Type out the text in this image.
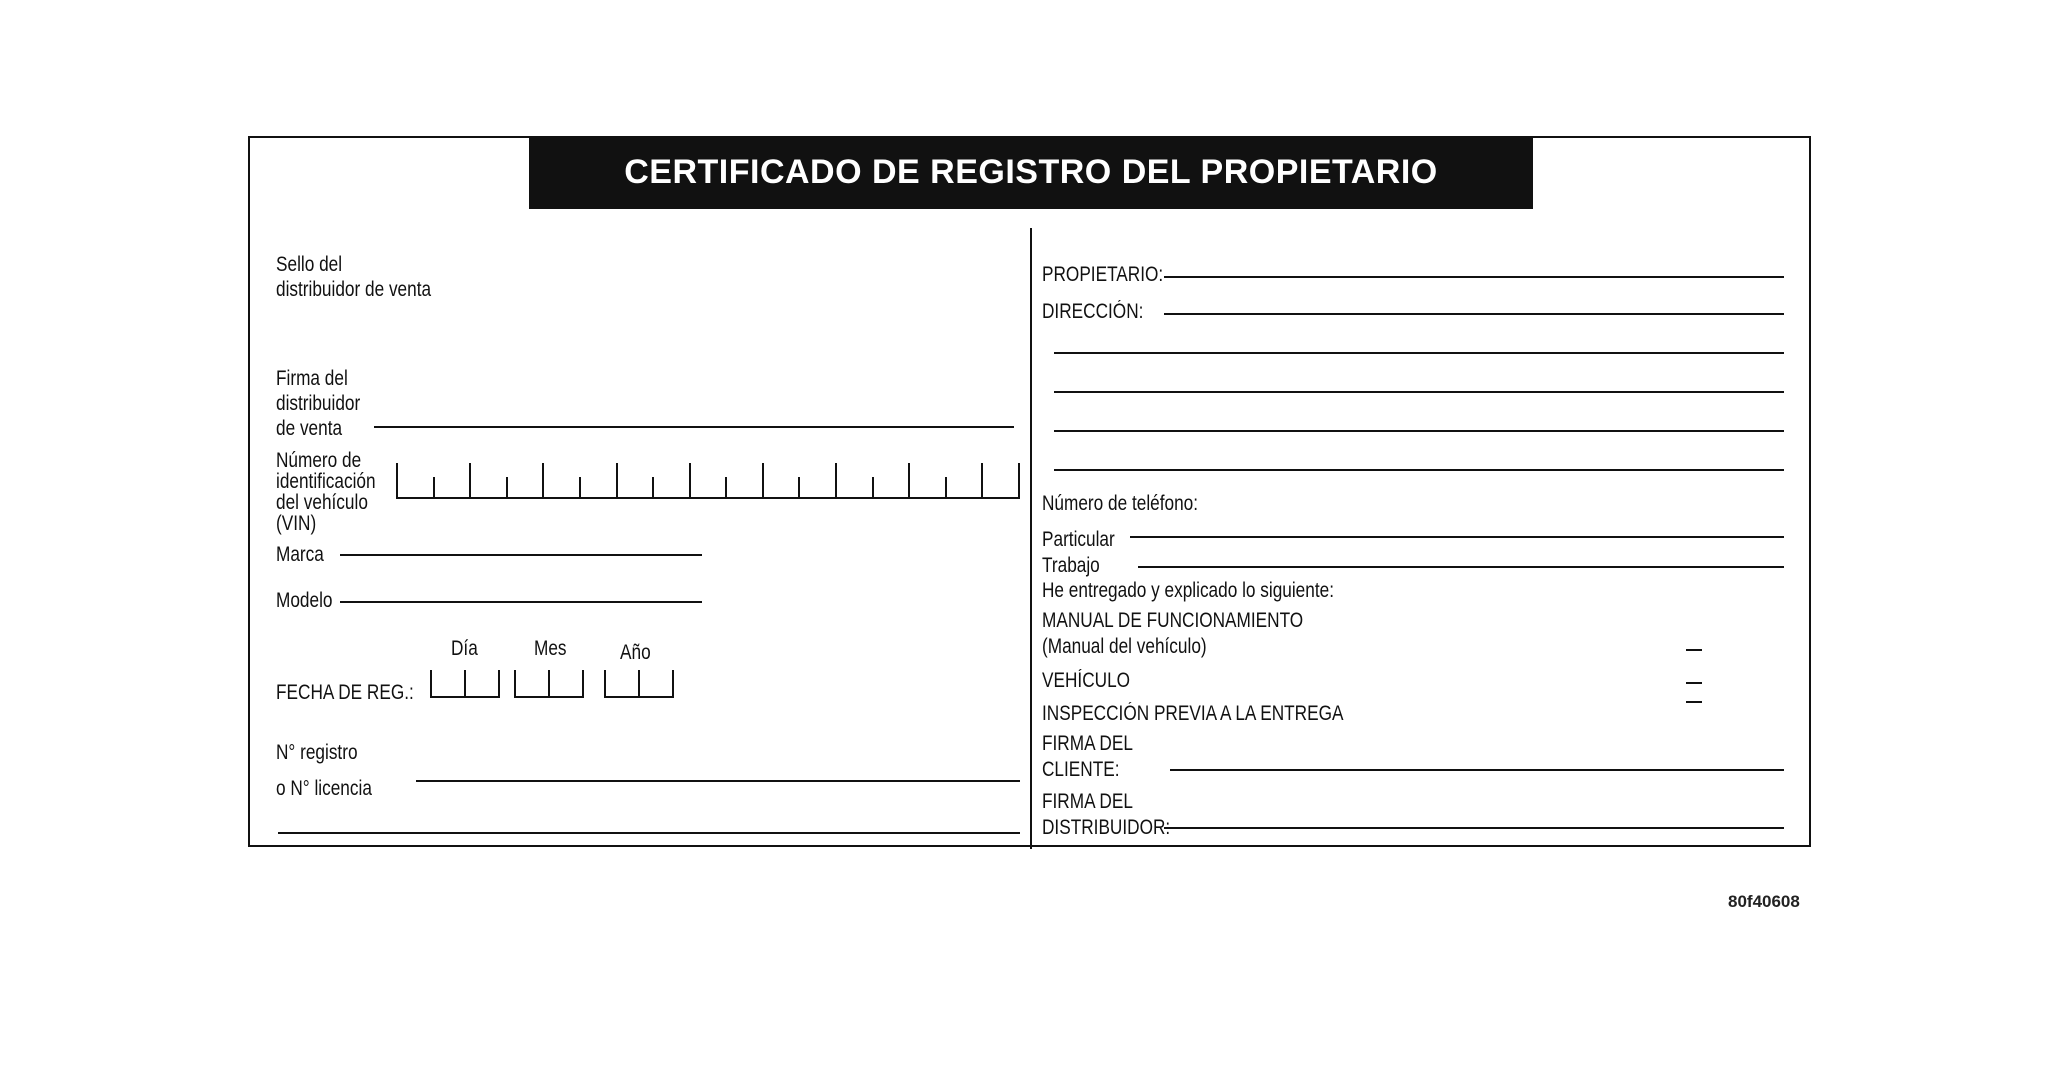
CERTIFICADO DE REGISTRO DEL PROPIETARIO
Sello del
distribuidor de venta
Firma del
distribuidor
de venta
Número de
identificación
del vehículo
(VIN)
Marca
Modelo
Día	Mes	Año
FECHA DE REG.:
N° registro
o N° licencia
PROPIETARIO:
DIRECCIÓN:
Número de teléfono:
Particular
Trabajo
He entregado y explicado lo siguiente:
MANUAL DE FUNCIONAMIENTO
(Manual del vehículo)
VEHÍCULO
INSPECCIÓN PREVIA A LA ENTREGA
FIRMA DEL
CLIENTE:
FIRMA DEL
DISTRIBUIDOR:
80f40608
